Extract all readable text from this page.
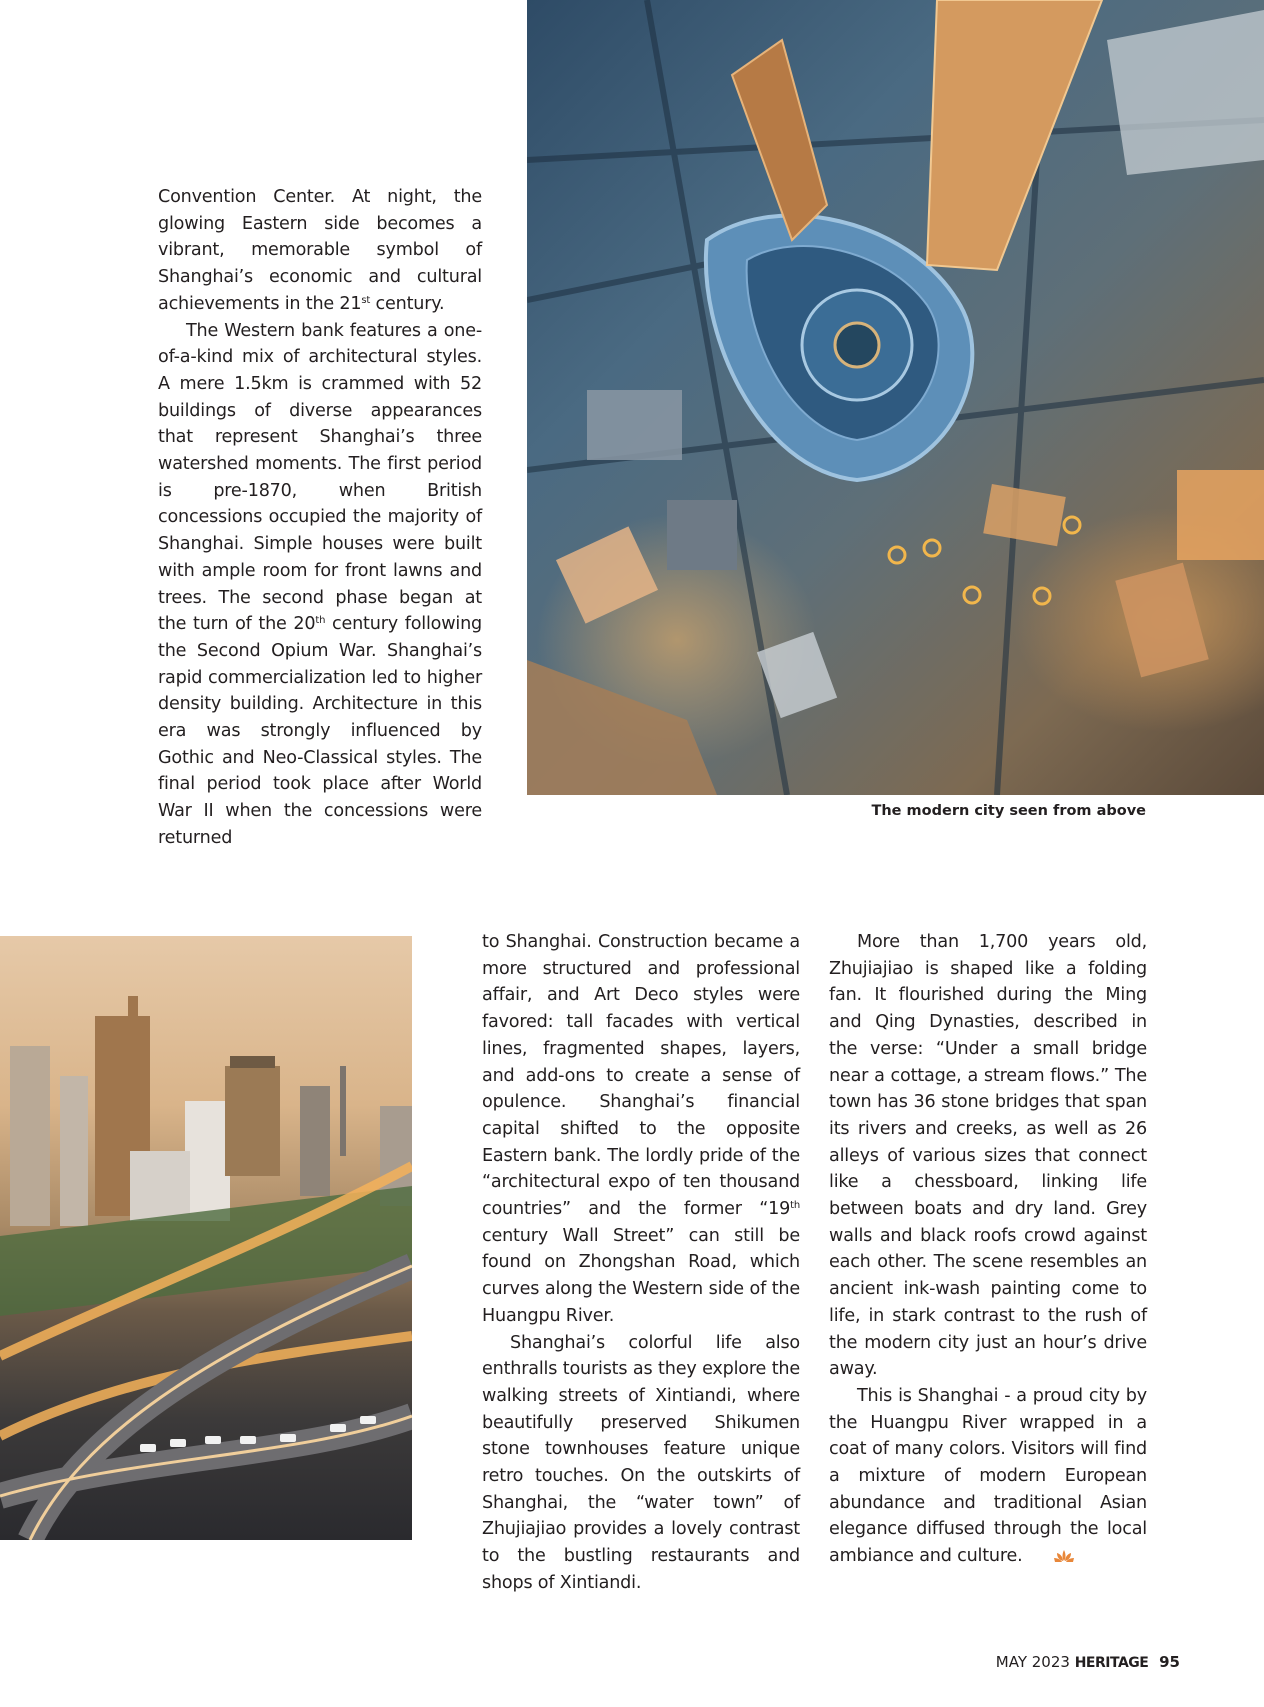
The modern city seen from above

Convention Center. At night, the glowing Eastern side becomes a vibrant, memorable symbol of Shanghai’s economic and cultural achievements in the 21st century.

The Western bank features a one-of-a-kind mix of architectural styles. A mere 1.5km is crammed with 52 buildings of diverse appearances that represent Shanghai’s three watershed moments. The first period is pre-1870, when British concessions occupied the majority of Shanghai. Simple houses were built with ample room for front lawns and trees. The second phase began at the turn of the 20th century following the Second Opium War. Shanghai’s rapid commercialization led to higher density building. Architecture in this era was strongly influenced by Gothic and Neo-Classical styles. The final period took place after World War II when the concessions were returned

to Shanghai. Construction became a more structured and professional affair, and Art Deco styles were favored: tall facades with vertical lines, fragmented shapes, layers, and add-ons to create a sense of opulence. Shanghai’s financial capital shifted to the opposite Eastern bank. The lordly pride of the “architectural expo of ten thousand countries” and the former “19th century Wall Street” can still be found on Zhongshan Road, which curves along the Western side of the Huangpu River.

Shanghai’s colorful life also enthralls tourists as they explore the walking streets of Xintiandi, where beautifully preserved Shikumen stone townhouses feature unique retro touches. On the outskirts of Shanghai, the “water town” of Zhujiajiao provides a lovely contrast to the bustling restaurants and shops of Xintiandi.

More than 1,700 years old, Zhujiajiao is shaped like a folding fan. It flourished during the Ming and Qing Dynasties, described in the verse: “Under a small bridge near a cottage, a stream flows.” The town has 36 stone bridges that span its rivers and creeks, as well as 26 alleys of various sizes that connect like a chessboard, linking life between boats and dry land. Grey walls and black roofs crowd against each other. The scene resembles an ancient ink-wash painting come to life, in stark contrast to the rush of the modern city just an hour’s drive away.

This is Shanghai - a proud city by the Huangpu River wrapped in a coat of many colors. Visitors will find a mixture of modern European abundance and traditional Asian elegance diffused through the local ambiance and culture.

MAY 2023 HERITAGE 95
